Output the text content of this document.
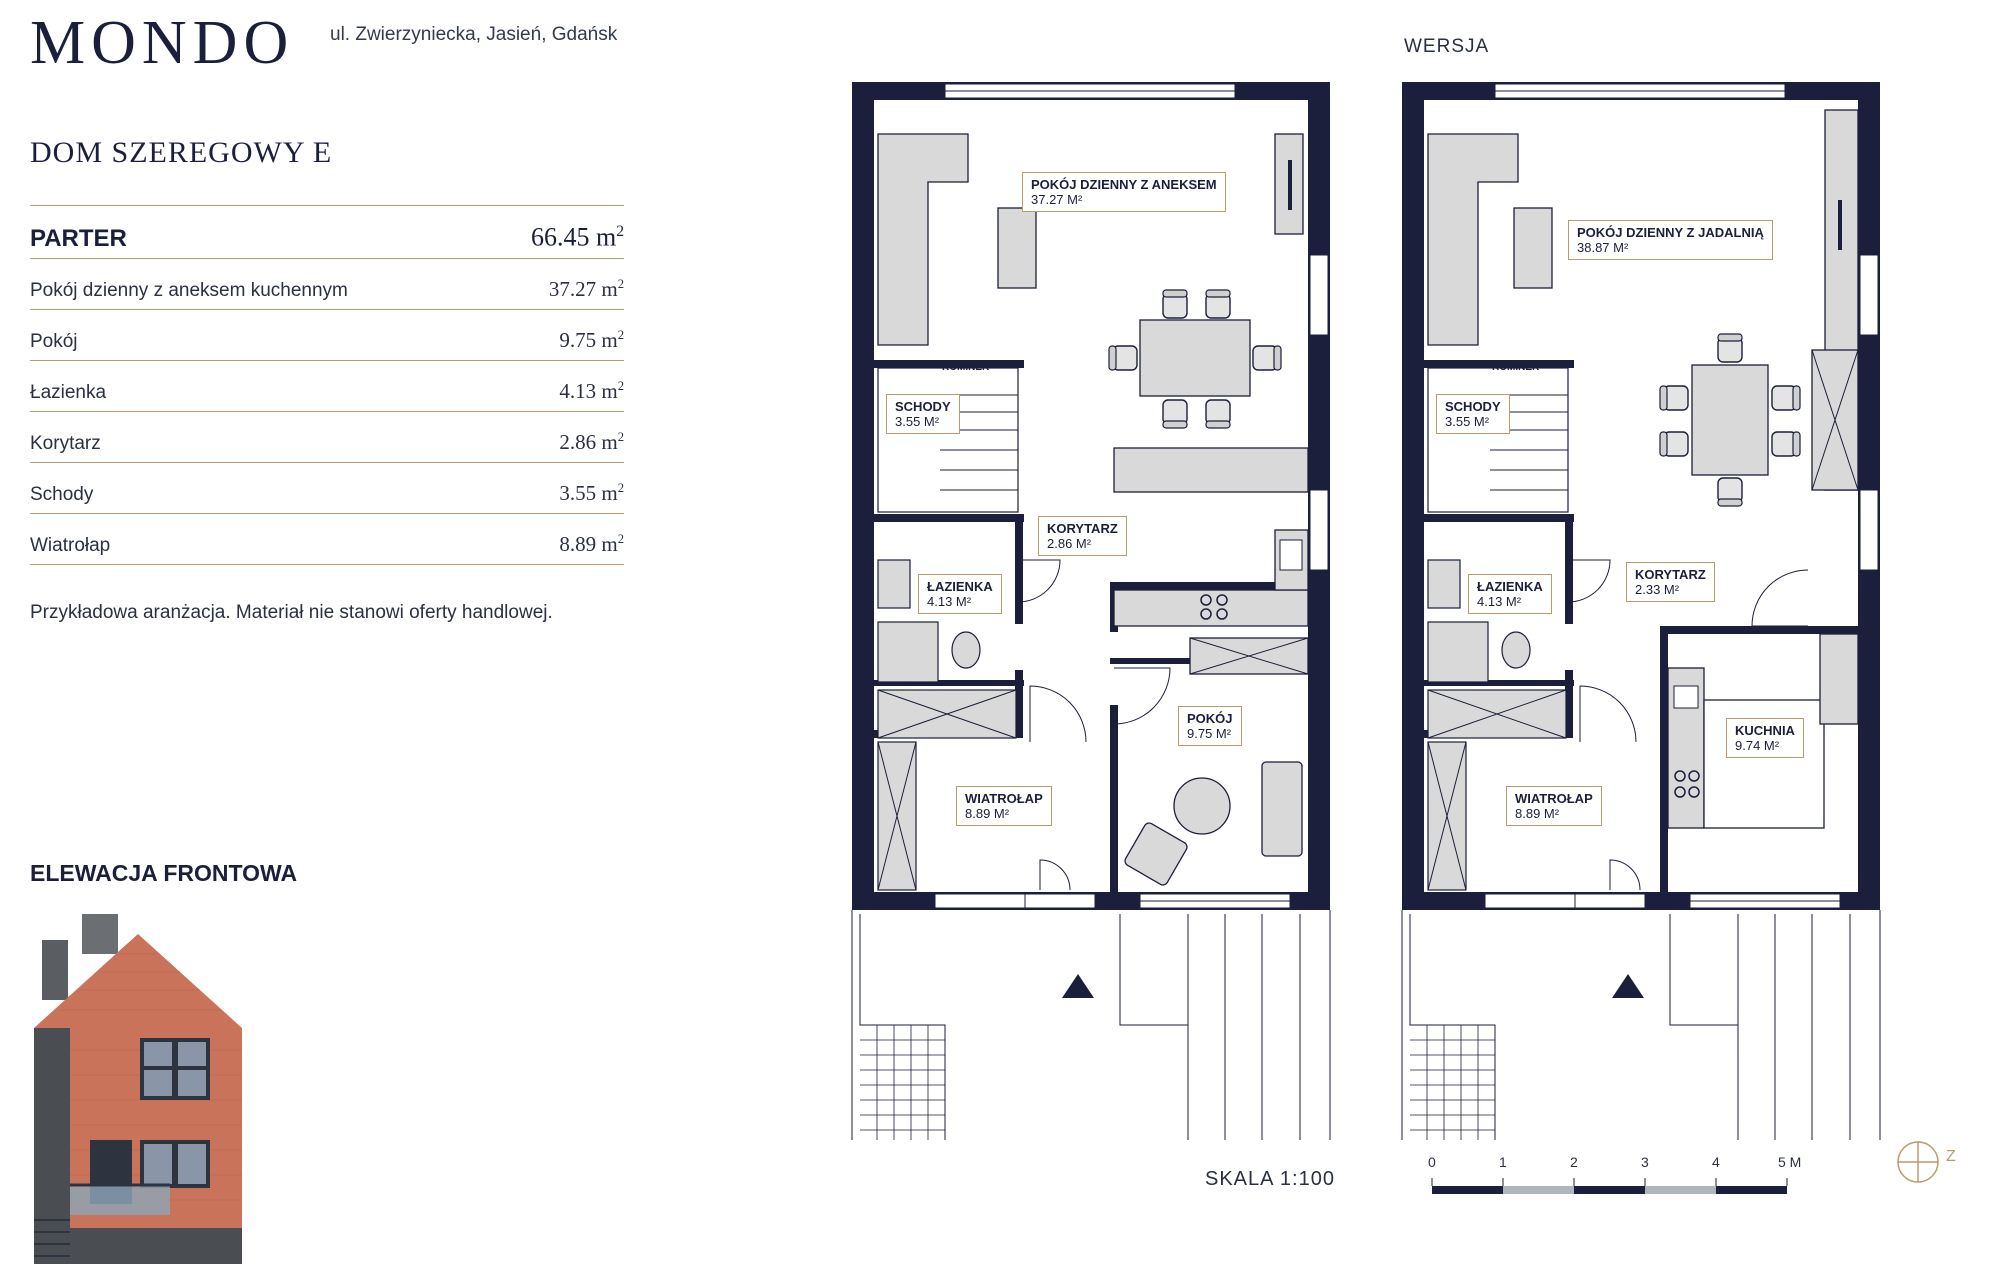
MONDO ul. Zwierzyniecka, Jasień, Gdańsk
DOM SZEREGOWY E
PARTER	66.45 $m^2$
Pokój dzienny z aneksem kuchennym	37.27 $m^2$
Pokój	9.75 $m^2$
Łazienka	4.13 $m^2$
Korytarz	2.86 $m^2$
Schody	3.55 $m^2$
Wiatrołap	8.89 $m^2$
Przykładowa aranżacja. Materiał nie stanowi oferty handlowej.
ELEWACJA FRONTOWA
WERSJA
POKÓJ DZIENNY Z ANEKSEM
37.27 M²
SCHODY
3.55 M²
KORYTARZ
2.86 M²
ŁAZIENKA
4.13 M²
POKÓJ
9.75 M²
WIATROŁAP
8.89 M²
KOMINEK
POKÓJ DZIENNY Z JADALNIĄ
38.87 M²
SCHODY
3.55 M²
KORYTARZ
2.33 M²
ŁAZIENKA
4.13 M²
KUCHNIA
9.74 M²
WIATROŁAP
8.89 M²
KOMINEK
SKALA 1:100
0	1	2	3	4	5 M	Z
